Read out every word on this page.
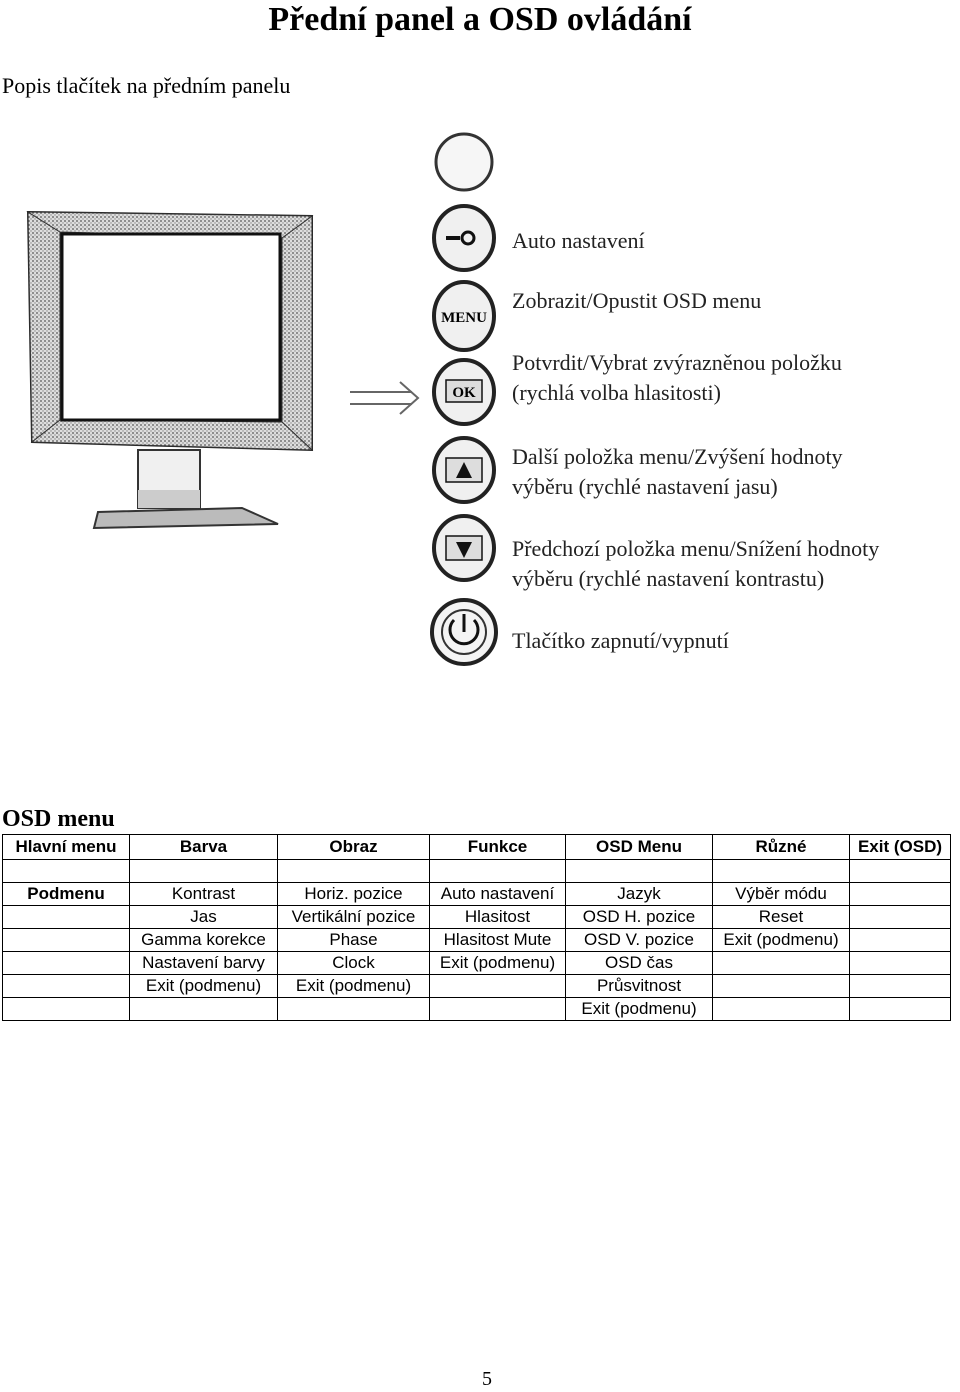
Přední panel a OSD ovládání
Popis tlačítek na předním panelu
MENU
OK
Auto nastavení
Zobrazit/Opustit OSD menu
Potvrdit/Vybrat zvýrazněnou položku
(rychlá volba hlasitosti)
Další položka menu/Zvýšení hodnoty
výběru (rychlé nastavení jasu)
Předchozí položka menu/Snížení hodnoty
výběru (rychlé nastavení kontrastu)
Tlačítko zapnutí/vypnutí
OSD menu
Hlavní menu	Barva	Obraz	Funkce	OSD Menu	Různé	Exit (OSD)

Podmenu	Kontrast	Horiz. pozice	Auto nastavení	Jazyk	Výběr módu	
	Jas	Vertikální pozice	Hlasitost	OSD H. pozice	Reset	
	Gamma korekce	Phase	Hlasitost Mute	OSD V. pozice	Exit (podmenu)	
	Nastavení barvy	Clock	Exit (podmenu)	OSD čas		
	Exit (podmenu)	Exit (podmenu)		Průsvitnost		
				Exit (podmenu)		
5
